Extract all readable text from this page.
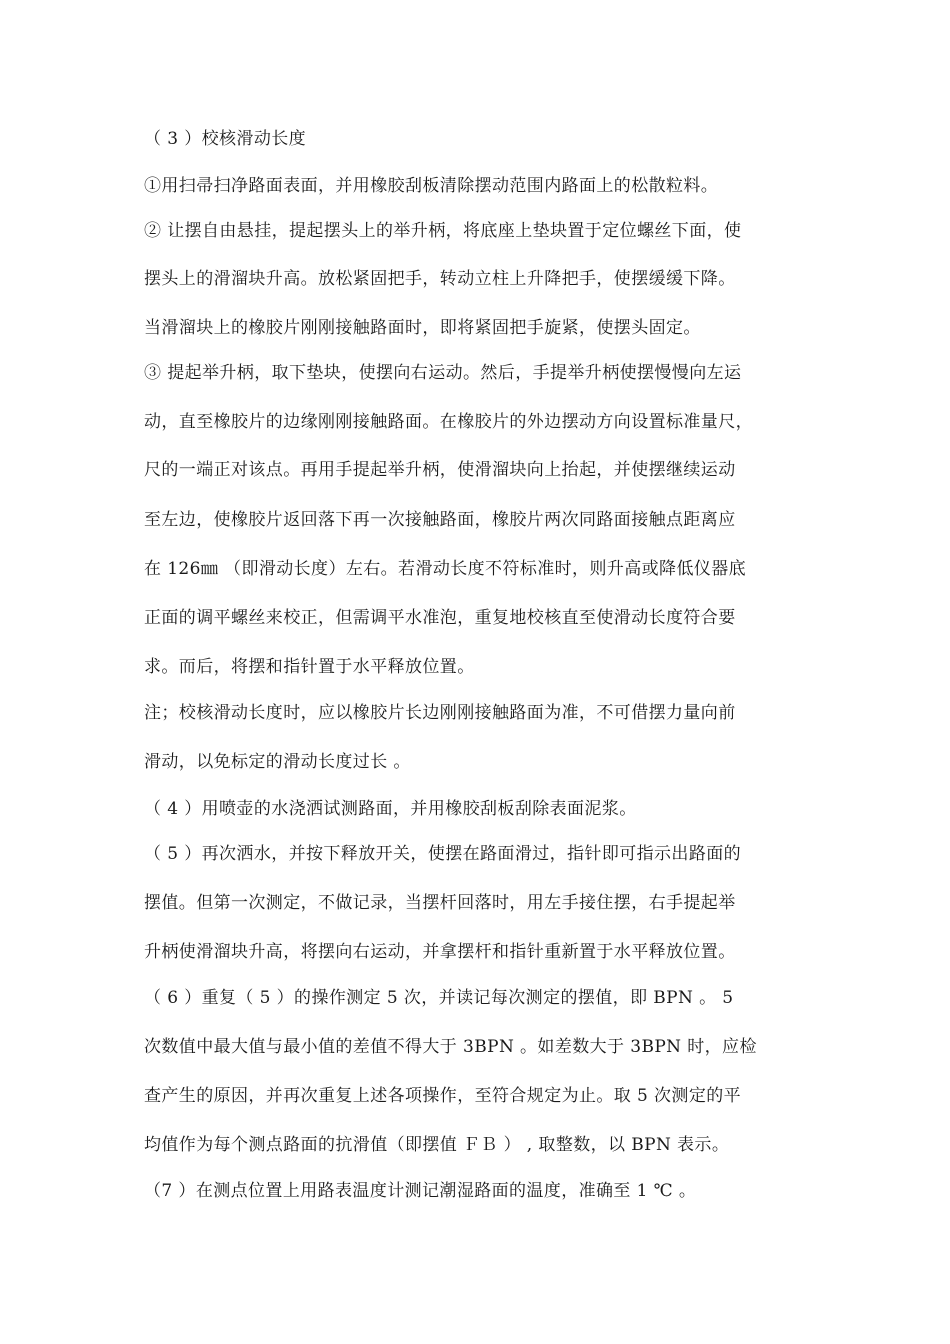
（ 3 ）校核滑动长度
①用扫帚扫净路面表面，并用橡胶刮板清除摆动范围内路面上的松散粒料。
② 让摆自由悬挂，提起摆头上的举升柄，将底座上垫块置于定位螺丝下面，使
摆头上的滑溜块升高。放松紧固把手，转动立柱上升降把手，使摆缓缓下降。
当滑溜块上的橡胶片刚刚接触路面时，即将紧固把手旋紧，使摆头固定。
③ 提起举升柄，取下垫块，使摆向右运动。然后，手提举升柄使摆慢慢向左运
动，直至橡胶片的边缘刚刚接触路面。在橡胶片的外边摆动方向设置标准量尺，
尺的一端正对该点。再用手提起举升柄，使滑溜块向上抬起，并使摆继续运动
至左边，使橡胶片返回落下再一次接触路面，橡胶片两次同路面接触点距离应
在 126㎜ （即滑动长度）左右。若滑动长度不符标准时，则升高或降低仪器底
正面的调平螺丝来校正，但需调平水准泡，重复地校核直至使滑动长度符合要
求。而后，将摆和指针置于水平释放位置。
注；校核滑动长度时，应以橡胶片长边刚刚接触路面为准，不可借摆力量向前
滑动，以免标定的滑动长度过长 。
（ 4 ）用喷壶的水浇洒试测路面，并用橡胶刮板刮除表面泥浆。
（ 5 ）再次洒水，并按下释放开关，使摆在路面滑过，指针即可指示出路面的
摆值。但第一次测定，不做记录，当摆杆回落时，用左手接住摆，右手提起举
升柄使滑溜块升高，将摆向右运动，并拿摆杆和指针重新置于水平释放位置。
（ 6 ）重复（ 5 ）的操作测定 5 次，并读记每次测定的摆值，即 BPN 。 5
次数值中最大值与最小值的差值不得大于 3BPN 。如差数大于 3BPN 时，应检
查产生的原因，并再次重复上述各项操作，至符合规定为止。取 5 次测定的平
均值作为每个测点路面的抗滑值（即摆值 ＦＢ ） , 取整数，以 BPN 表示。
（7 ）在测点位置上用路表温度计测记潮湿路面的温度，准确至 1 ℃ 。
